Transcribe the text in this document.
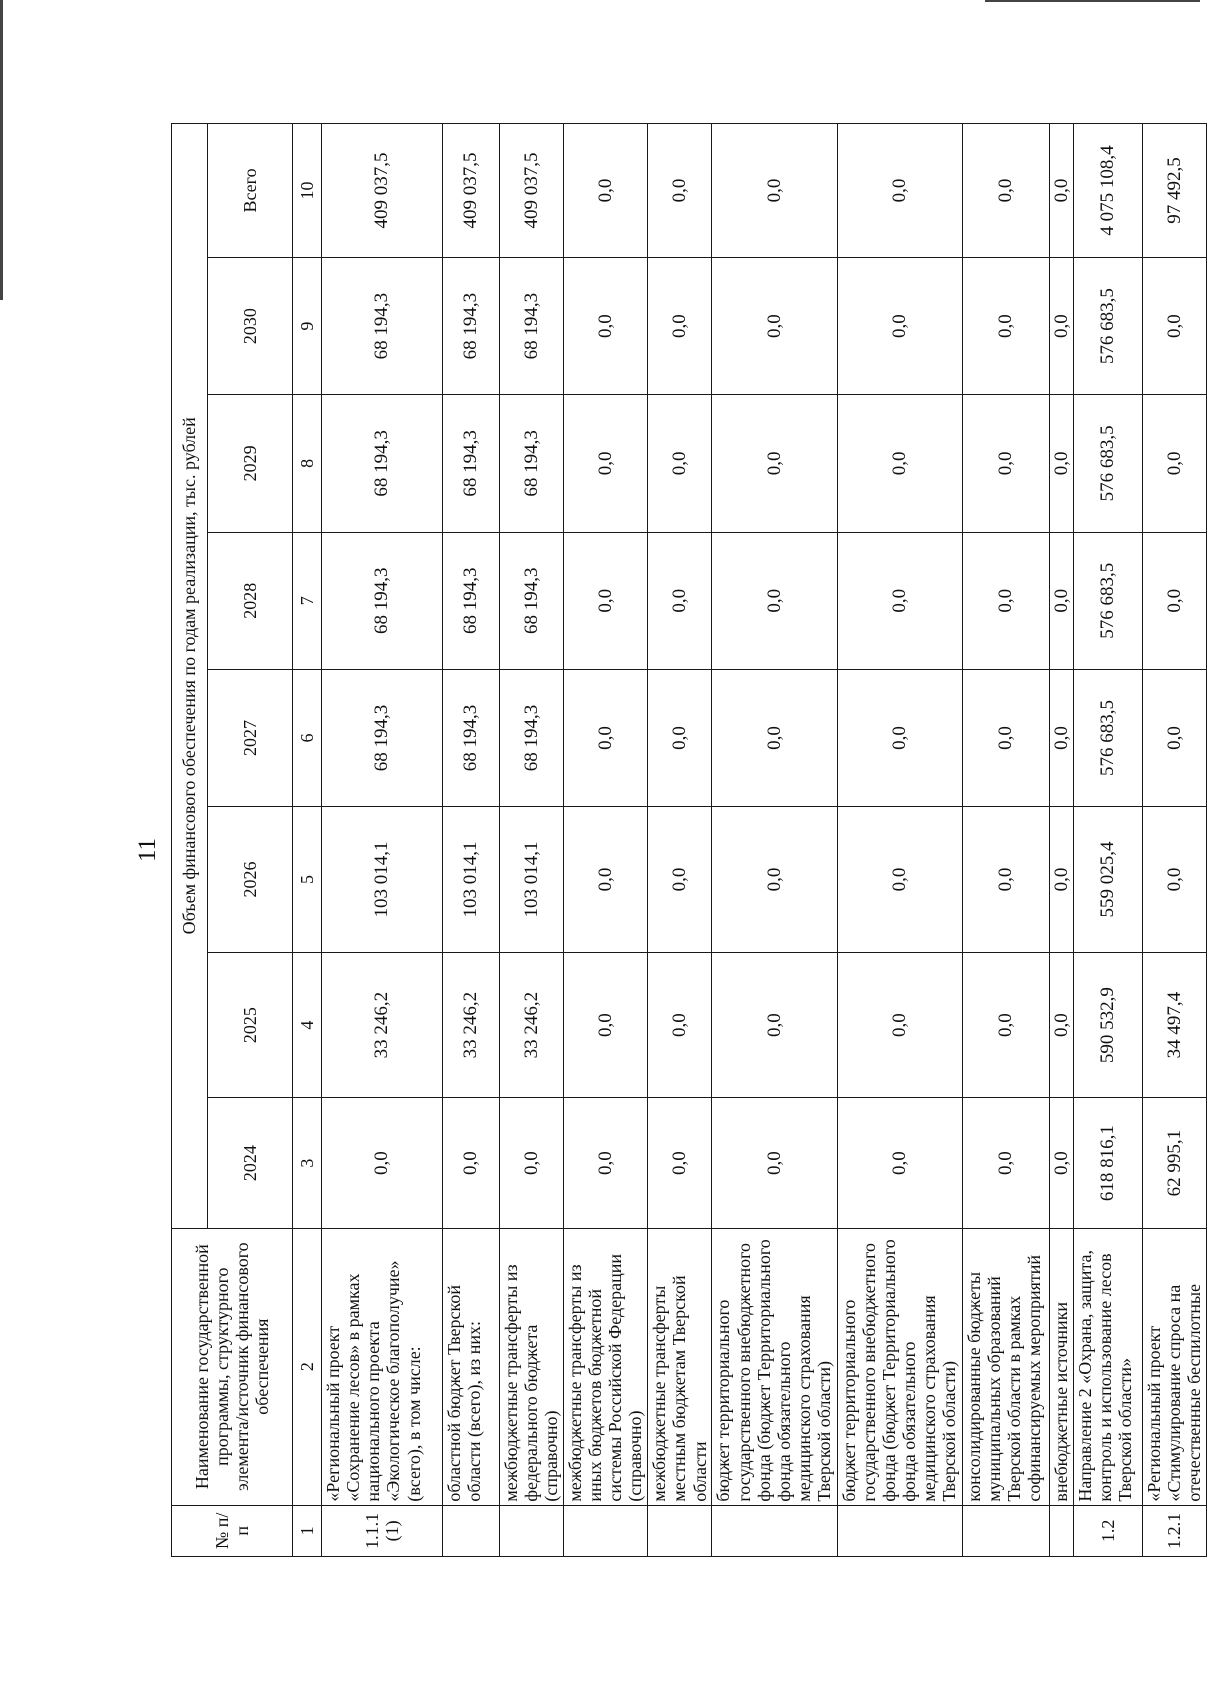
11
№ п/п	Наименование государственной программы, структурного элемента/источник финансового обеспечения	Объем финансового обеспечения по годам реализации, тыс. рублей							
		2024	2025	2026	2027	2028	2029	2030	Всего
1	2	3	4	5	6	7	8	9	10
1.1.1 (1)	«Региональный проект «Сохранение лесов» в рамках национального проекта «Экологическое благополучие» (всего), в том числе:	0,0	33 246,2	103 014,1	68 194,3	68 194,3	68 194,3	68 194,3	409 037,5
	областной бюджет Тверской области (всего), из них:	0,0	33 246,2	103 014,1	68 194,3	68 194,3	68 194,3	68 194,3	409 037,5
	межбюджетные трансферты из федерального бюджета (справочно)	0,0	33 246,2	103 014,1	68 194,3	68 194,3	68 194,3	68 194,3	409 037,5
	межбюджетные трансферты из иных бюджетов бюджетной системы Российской Федерации (справочно)	0,0	0,0	0,0	0,0	0,0	0,0	0,0	0,0
	межбюджетные трансферты местным бюджетам Тверской области	0,0	0,0	0,0	0,0	0,0	0,0	0,0	0,0
	бюджет территориального государственного внебюджетного фонда (бюджет Территориального фонда обязательного медицинского страхования Тверской области)	0,0	0,0	0,0	0,0	0,0	0,0	0,0	0,0
	бюджет территориального государственного внебюджетного фонда (бюджет Территориального фонда обязательного медицинского страхования Тверской области)	0,0	0,0	0,0	0,0	0,0	0,0	0,0	0,0
	консолидированные бюджеты муниципальных образований Тверской области в рамках софинансируемых мероприятий	0,0	0,0	0,0	0,0	0,0	0,0	0,0	0,0
	внебюджетные источники	0,0	0,0	0,0	0,0	0,0	0,0	0,0	0,0
1.2	Направление 2 «Охрана, защита, контроль и использование лесов Тверской области»	618 816,1	590 532,9	559 025,4	576 683,5	576 683,5	576 683,5	576 683,5	4 075 108,4
1.2.1	«Региональный проект «Стимулирование спроса на отечественные беспилотные	62 995,1	34 497,4	0,0	0,0	0,0	0,0	0,0	97 492,5
